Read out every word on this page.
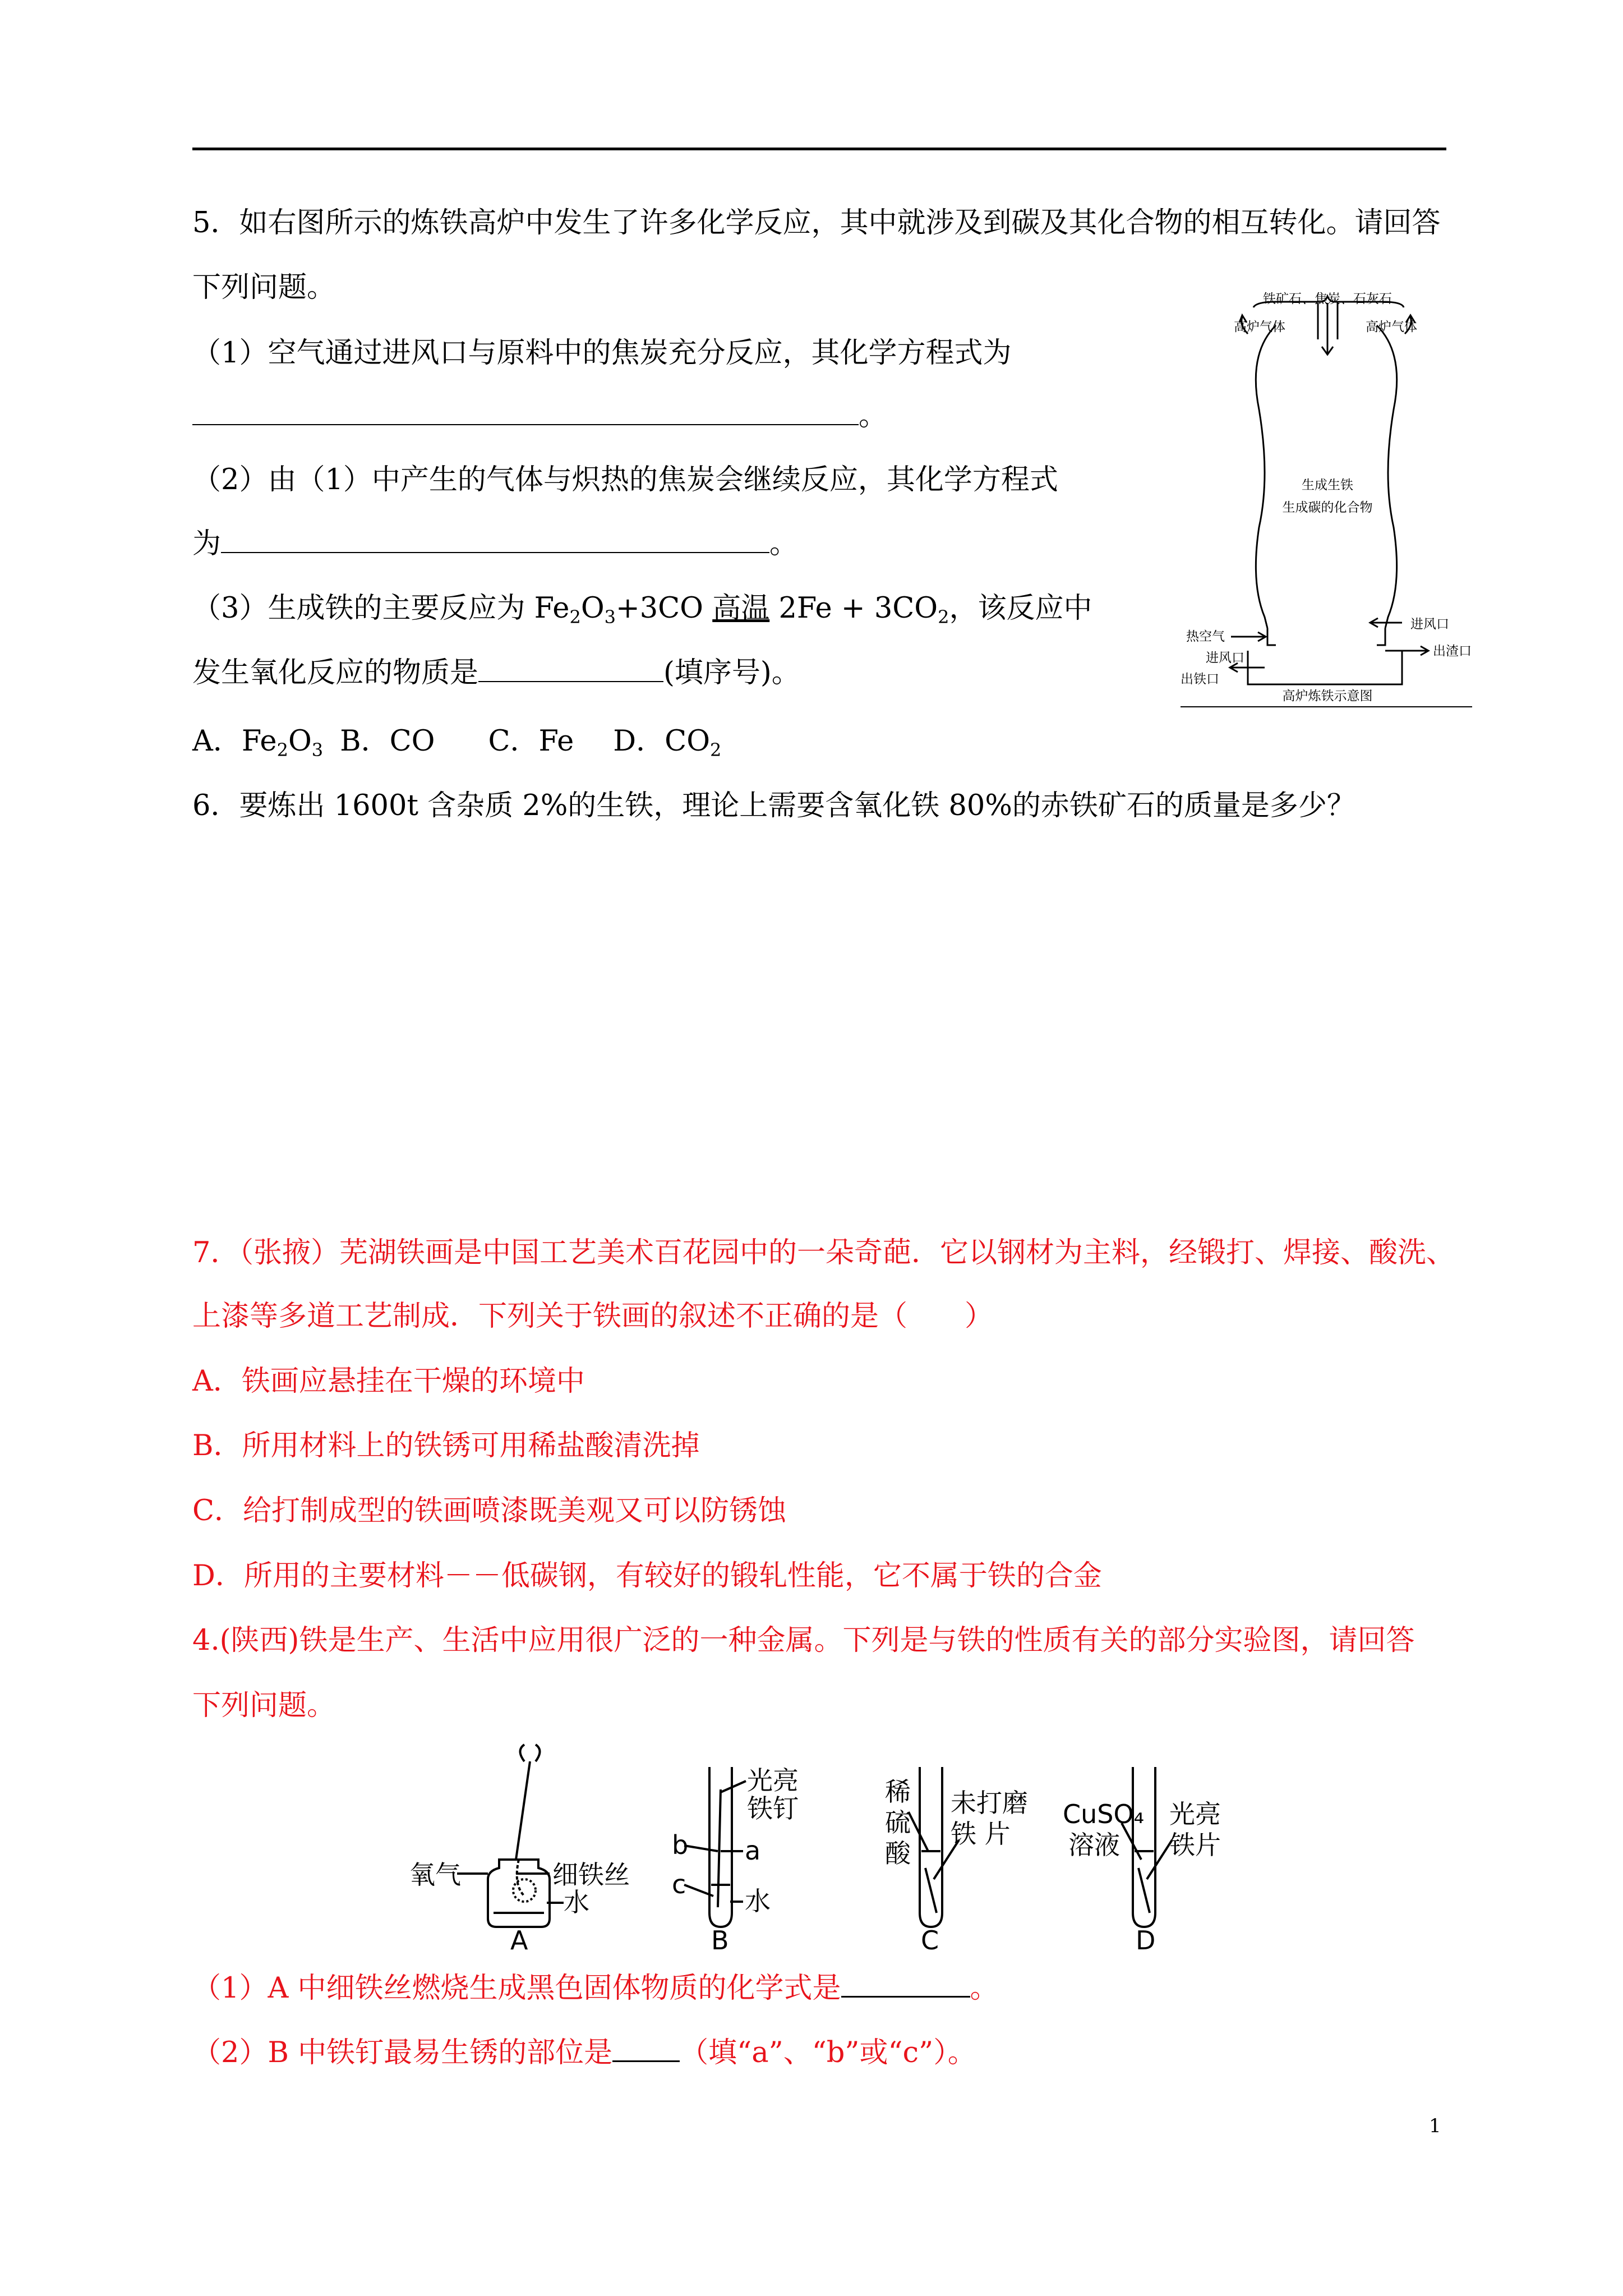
5．如右图所示的炼铁高炉中发生了许多化学反应，其中就涉及到碳及其化合物的相互转化。请回答
下列问题。
（1）空气通过进风口与原料中的焦炭充分反应，其化学方程式为
。
（2）由（1）中产生的气体与炽热的焦炭会继续反应，其化学方程式
为	。
（3）生成铁的主要反应为 $Fe_2O_3+3CO$ 高温 $2Fe + 3CO_2$，该反应中
发生氧化反应的物质是	(填序号)。
A．$Fe_2O_3$ B．CO C．Fe D．$CO_2$
铁矿石、焦炭、石灰石
高炉气体	高炉气体
生成生铁
生成碳的化合物
进风口
热空气
出渣口
进风口
出铁口
高炉炼铁示意图
6．要炼出 1600t 含杂质 2%的生铁，理论上需要含氧化铁 80%的赤铁矿石的质量是多少？
7．（张掖）芜湖铁画是中国工艺美术百花园中的一朵奇葩．它以钢材为主料，经锻打、焊接、酸洗、
上漆等多道工艺制成．下列关于铁画的叙述不正确的是（　　）
A．铁画应悬挂在干燥的环境中
B．所用材料上的铁锈可用稀盐酸清洗掉
C．给打制成型的铁画喷漆既美观又可以防锈蚀
D．所用的主要材料－－低碳钢，有较好的锻轧性能，它不属于铁的合金
4.(陕西)铁是生产、生活中应用很广泛的一种金属。下列是与铁的性质有关的部分实验图，请回答
下列问题。
氧气	细铁丝
水
A
光亮
铁钉
a
b
c
水
B
稀
硫
酸
未打磨
铁 片
C
CuSO₄
溶液
光亮
铁片
D
（1）A 中细铁丝燃烧生成黑色固体物质的化学式是	。
（2）B 中铁钉最易生锈的部位是 （填“a”、“b”或“c”）。
1
